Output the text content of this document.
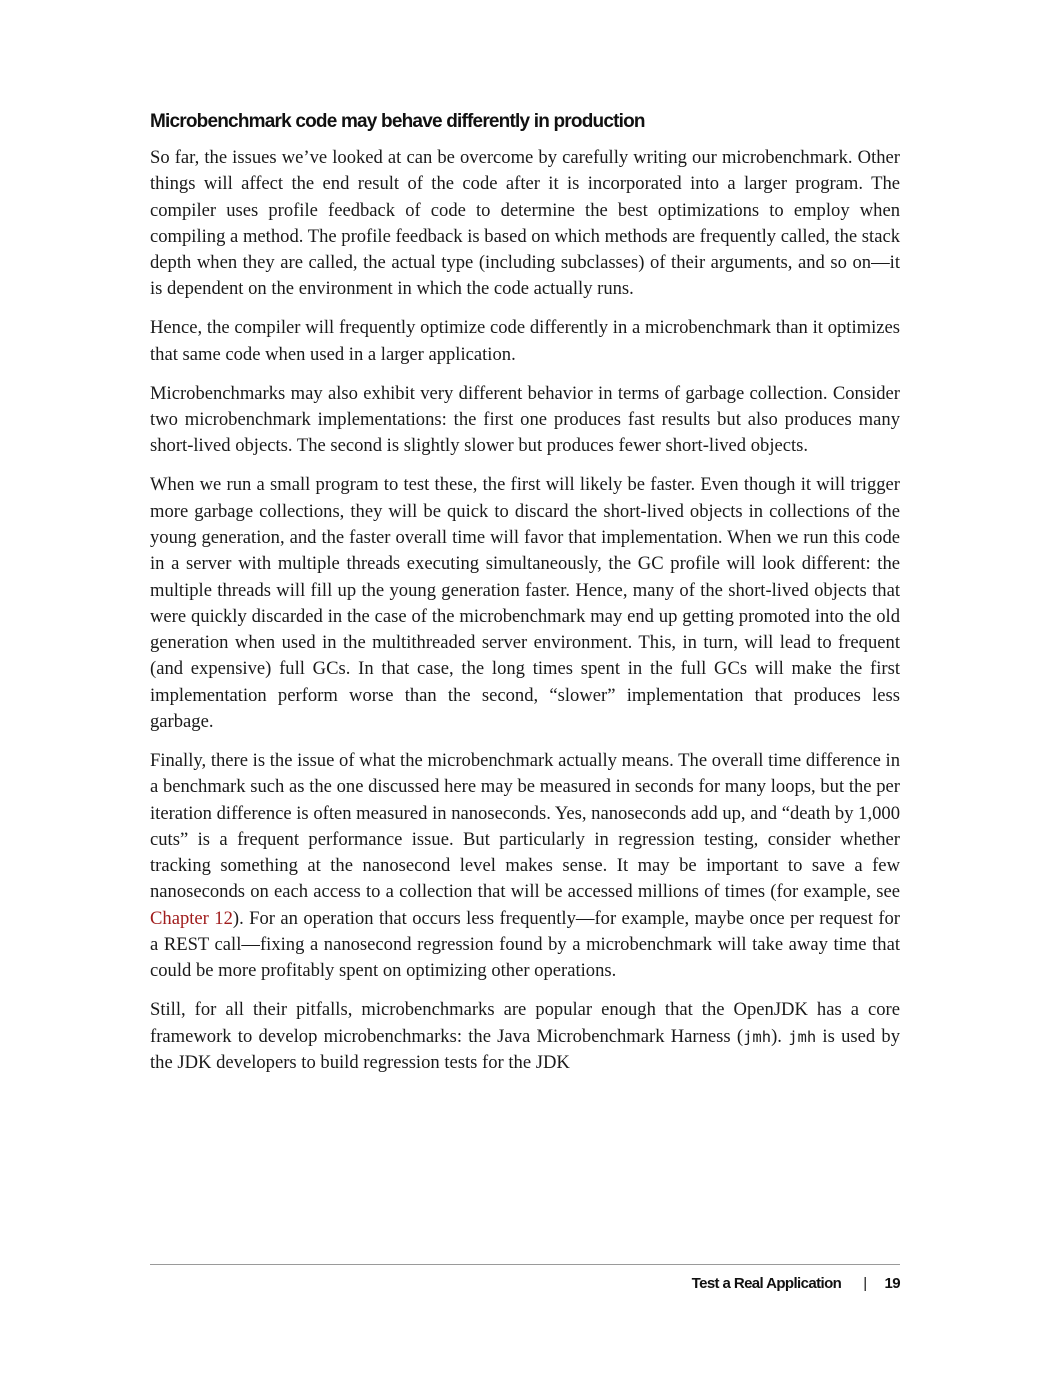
Microbenchmark code may behave differently in production

So far, the issues we’ve looked at can be overcome by carefully writing our microbenchmark. Other things will affect the end result of the code after it is incorporated into a larger program. The compiler uses profile feedback of code to determine the best optimizations to employ when compiling a method. The profile feedback is based on which methods are frequently called, the stack depth when they are called, the actual type (including subclasses) of their arguments, and so on—it is dependent on the environment in which the code actually runs.

Hence, the compiler will frequently optimize code differently in a microbenchmark than it optimizes that same code when used in a larger application.

Microbenchmarks may also exhibit very different behavior in terms of garbage collection. Consider two microbenchmark implementations: the first one produces fast results but also produces many short-lived objects. The second is slightly slower but produces fewer short-lived objects.

When we run a small program to test these, the first will likely be faster. Even though it will trigger more garbage collections, they will be quick to discard the short-lived objects in collections of the young generation, and the faster overall time will favor that implementation. When we run this code in a server with multiple threads executing simultaneously, the GC profile will look different: the multiple threads will fill up the young generation faster. Hence, many of the short-lived objects that were quickly discarded in the case of the microbenchmark may end up getting promoted into the old generation when used in the multithreaded server environment. This, in turn, will lead to frequent (and expensive) full GCs. In that case, the long times spent in the full GCs will make the first implementation perform worse than the second, “slower” implementation that produces less garbage.

Finally, there is the issue of what the microbenchmark actually means. The overall time difference in a benchmark such as the one discussed here may be measured in seconds for many loops, but the per iteration difference is often measured in nanoseconds. Yes, nanoseconds add up, and “death by 1,000 cuts” is a frequent performance issue. But particularly in regression testing, consider whether tracking something at the nanosecond level makes sense. It may be important to save a few nanoseconds on each access to a collection that will be accessed millions of times (for example, see Chapter 12). For an operation that occurs less frequently—for example, maybe once per request for a REST call—fixing a nanosecond regression found by a microbenchmark will take away time that could be more profitably spent on optimizing other operations.

Still, for all their pitfalls, microbenchmarks are popular enough that the OpenJDK has a core framework to develop microbenchmarks: the Java Microbenchmark Harness (jmh). jmh is used by the JDK developers to build regression tests for the JDK

Test a Real Application | 19
